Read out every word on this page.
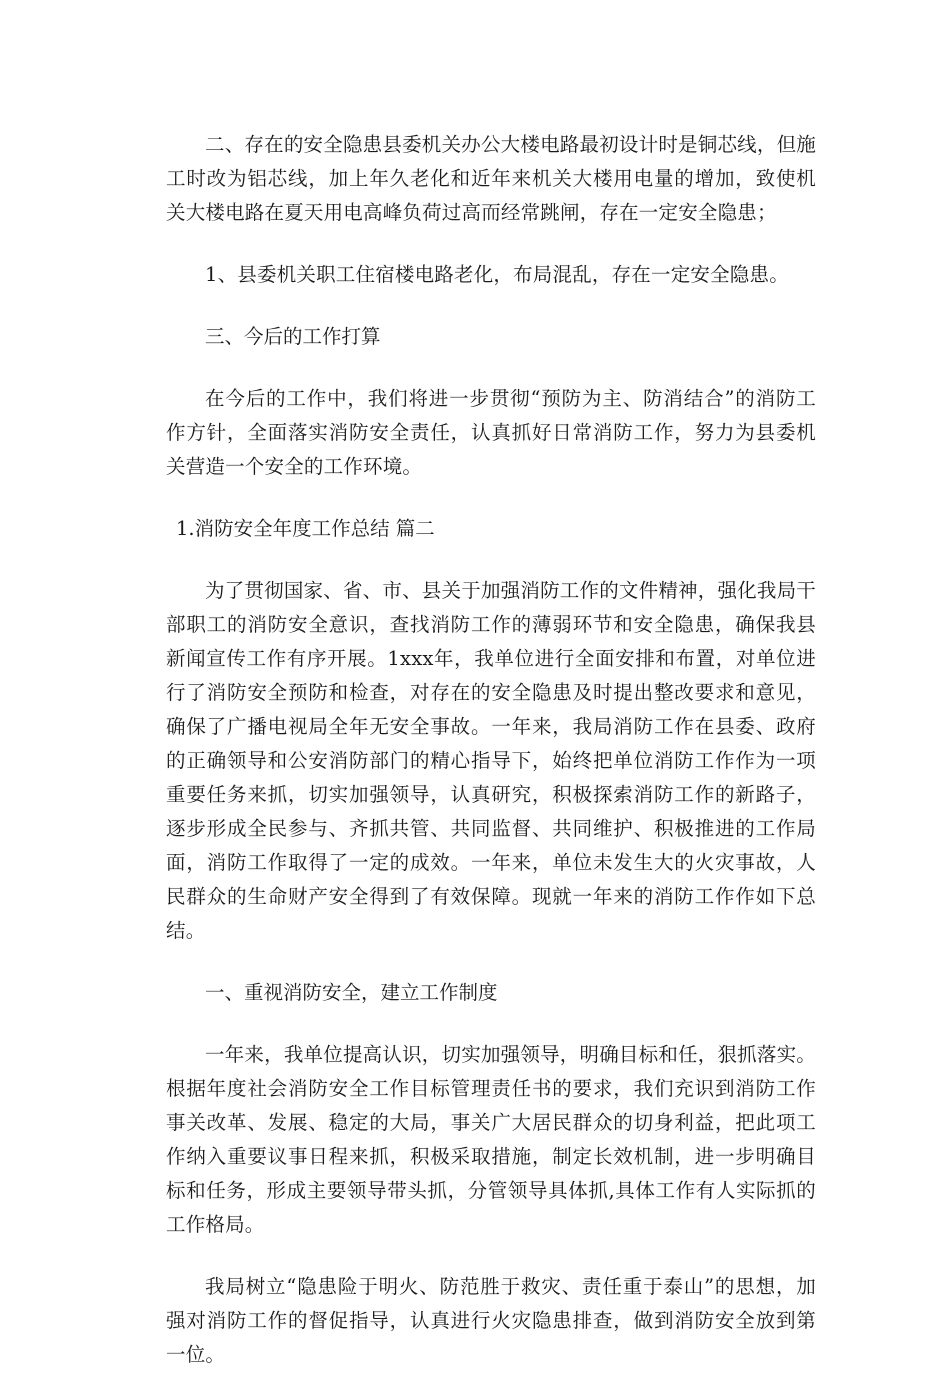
二、存在的安全隐患县委机关办公大楼电路最初设计时是铜芯线，但施工时改为铝芯线，加上年久老化和近年来机关大楼用电量的增加，致使机关大楼电路在夏天用电高峰负荷过高而经常跳闸，存在一定安全隐患；

1、县委机关职工住宿楼电路老化，布局混乱，存在一定安全隐患。

三、今后的工作打算

在今后的工作中，我们将进一步贯彻“预防为主、防消结合”的消防工作方针，全面落实消防安全责任，认真抓好日常消防工作，努力为县委机关营造一个安全的工作环境。

1.消防安全年度工作总结 篇二

为了贯彻国家、省、市、县关于加强消防工作的文件精神，强化我局干部职工的消防安全意识，查找消防工作的薄弱环节和安全隐患，确保我县新闻宣传工作有序开展。1xxx年，我单位进行全面安排和布置，对单位进行了消防安全预防和检查，对存在的安全隐患及时提出整改要求和意见，确保了广播电视局全年无安全事故。一年来，我局消防工作在县委、政府的正确领导和公安消防部门的精心指导下，始终把单位消防工作作为一项重要任务来抓，切实加强领导，认真研究，积极探索消防工作的新路子，逐步形成全民参与、齐抓共管、共同监督、共同维护、积极推进的工作局面，消防工作取得了一定的成效。一年来，单位未发生大的火灾事故，人民群众的生命财产安全得到了有效保障。现就一年来的消防工作作如下总结。

一、重视消防安全，建立工作制度

一年来，我单位提高认识，切实加强领导，明确目标和任，狠抓落实。根据年度社会消防安全工作目标管理责任书的要求，我们充识到消防工作事关改革、发展、稳定的大局，事关广大居民群众的切身利益，把此项工作纳入重要议事日程来抓，积极采取措施，制定长效机制，进一步明确目标和任务，形成主要领导带头抓，分管领导具体抓,具体工作有人实际抓的工作格局。

我局树立“隐患险于明火、防范胜于救灾、责任重于泰山”的思想，加强对消防工作的督促指导，认真进行火灾隐患排查，做到消防安全放到第一位。
